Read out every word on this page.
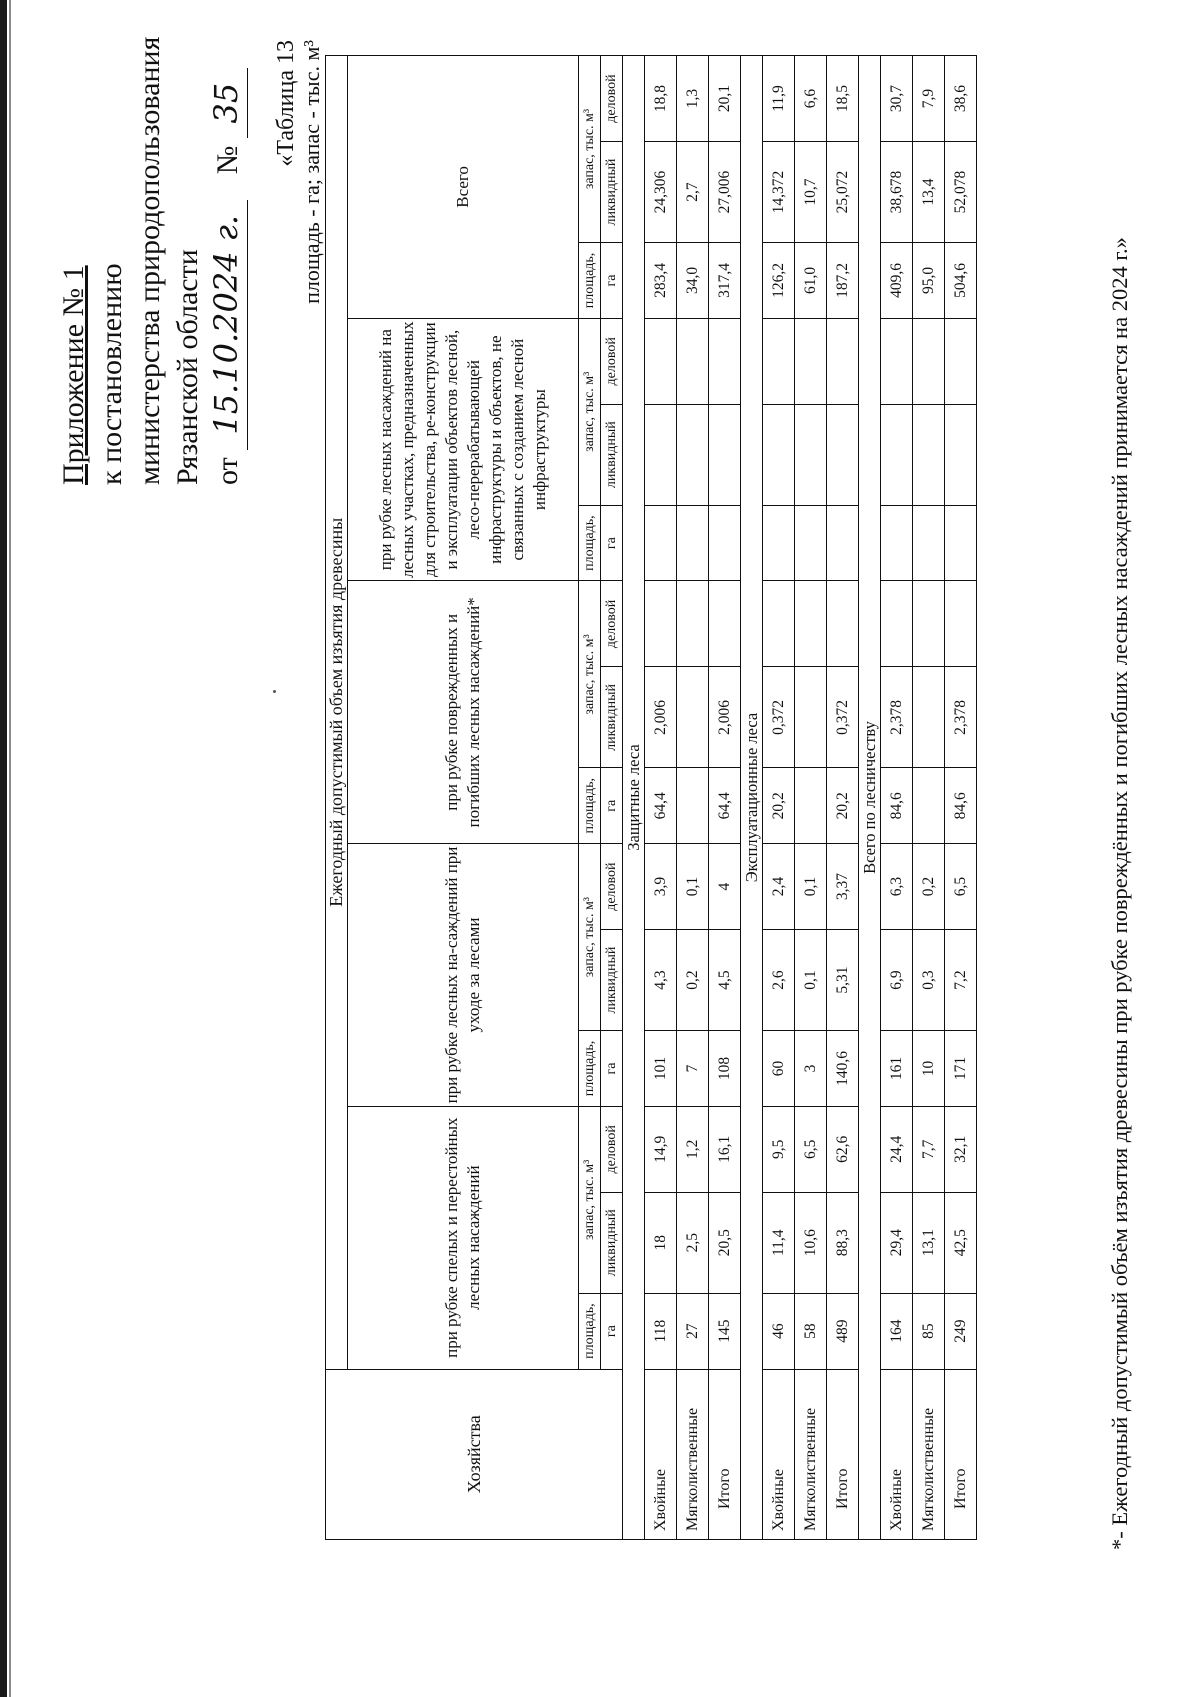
Приложение № 1 к постановлению министерства природопользования Рязанской области от 15.10.2024 г. № 35 «Таблица 13 площадь - га; запас - тыс. м³
Хозяйства	Ежегодный допустимый объем изъятия древесины														
	при рубке спелых и перестойных лесных насаждений			при рубке лесных на-саждений при уходе за лесами			при рубке поврежденных и погибших лесных насаждений*			при рубке лесных насаждений на лесных участках, предназначенных для строительства, ре-конструкции и эксплуатации объектов лесной, лесо-перерабатывающей инфраструктуры и объектов, не связанных с созданием лесной инфраструктуры			Всего		
	площадь,	запас, тыс. м³		площадь,	запас, тыс. м³		площадь,	запас, тыс. м³		площадь,	запас, тыс. м³		площадь,	запас, тыс. м³	
	га	ликвидный	деловой	га	ликвидный	деловой	га	ликвидный	деловой	га	ликвидный	деловой	га	ликвидный	деловой
Защитные леса															
Хвойные	118	18	14,9	101	4,3	3,9	64,4	2,006					283,4	24,306	18,8
Мягколиственные	27	2,5	1,2	7	0,2	0,1							34,0	2,7	1,3
Итого	145	20,5	16,1	108	4,5	4	64,4	2,006					317,4	27,006	20,1
Эксплуатационные леса															
Хвойные	46	11,4	9,5	60	2,6	2,4	20,2	0,372					126,2	14,372	11,9
Мягколиственные	58	10,6	6,5	3	0,1	0,1							61,0	10,7	6,6
Итого	489	88,3	62,6	140,6	5,31	3,37	20,2	0,372					187,2	25,072	18,5
Всего по лесничеству															
Хвойные	164	29,4	24,4	161	6,9	6,3	84,6	2,378					409,6	38,678	30,7
Мягколиственные	85	13,1	7,7	10	0,3	0,2							95,0	13,4	7,9
Итого	249	42,5	32,1	171	7,2	6,5	84,6	2,378					504,6	52,078	38,6
*- Ежегодный допустимый объём изъятия древесины при рубке повреждённых и погибших лесных насаждений принимается на 2024 г.»
